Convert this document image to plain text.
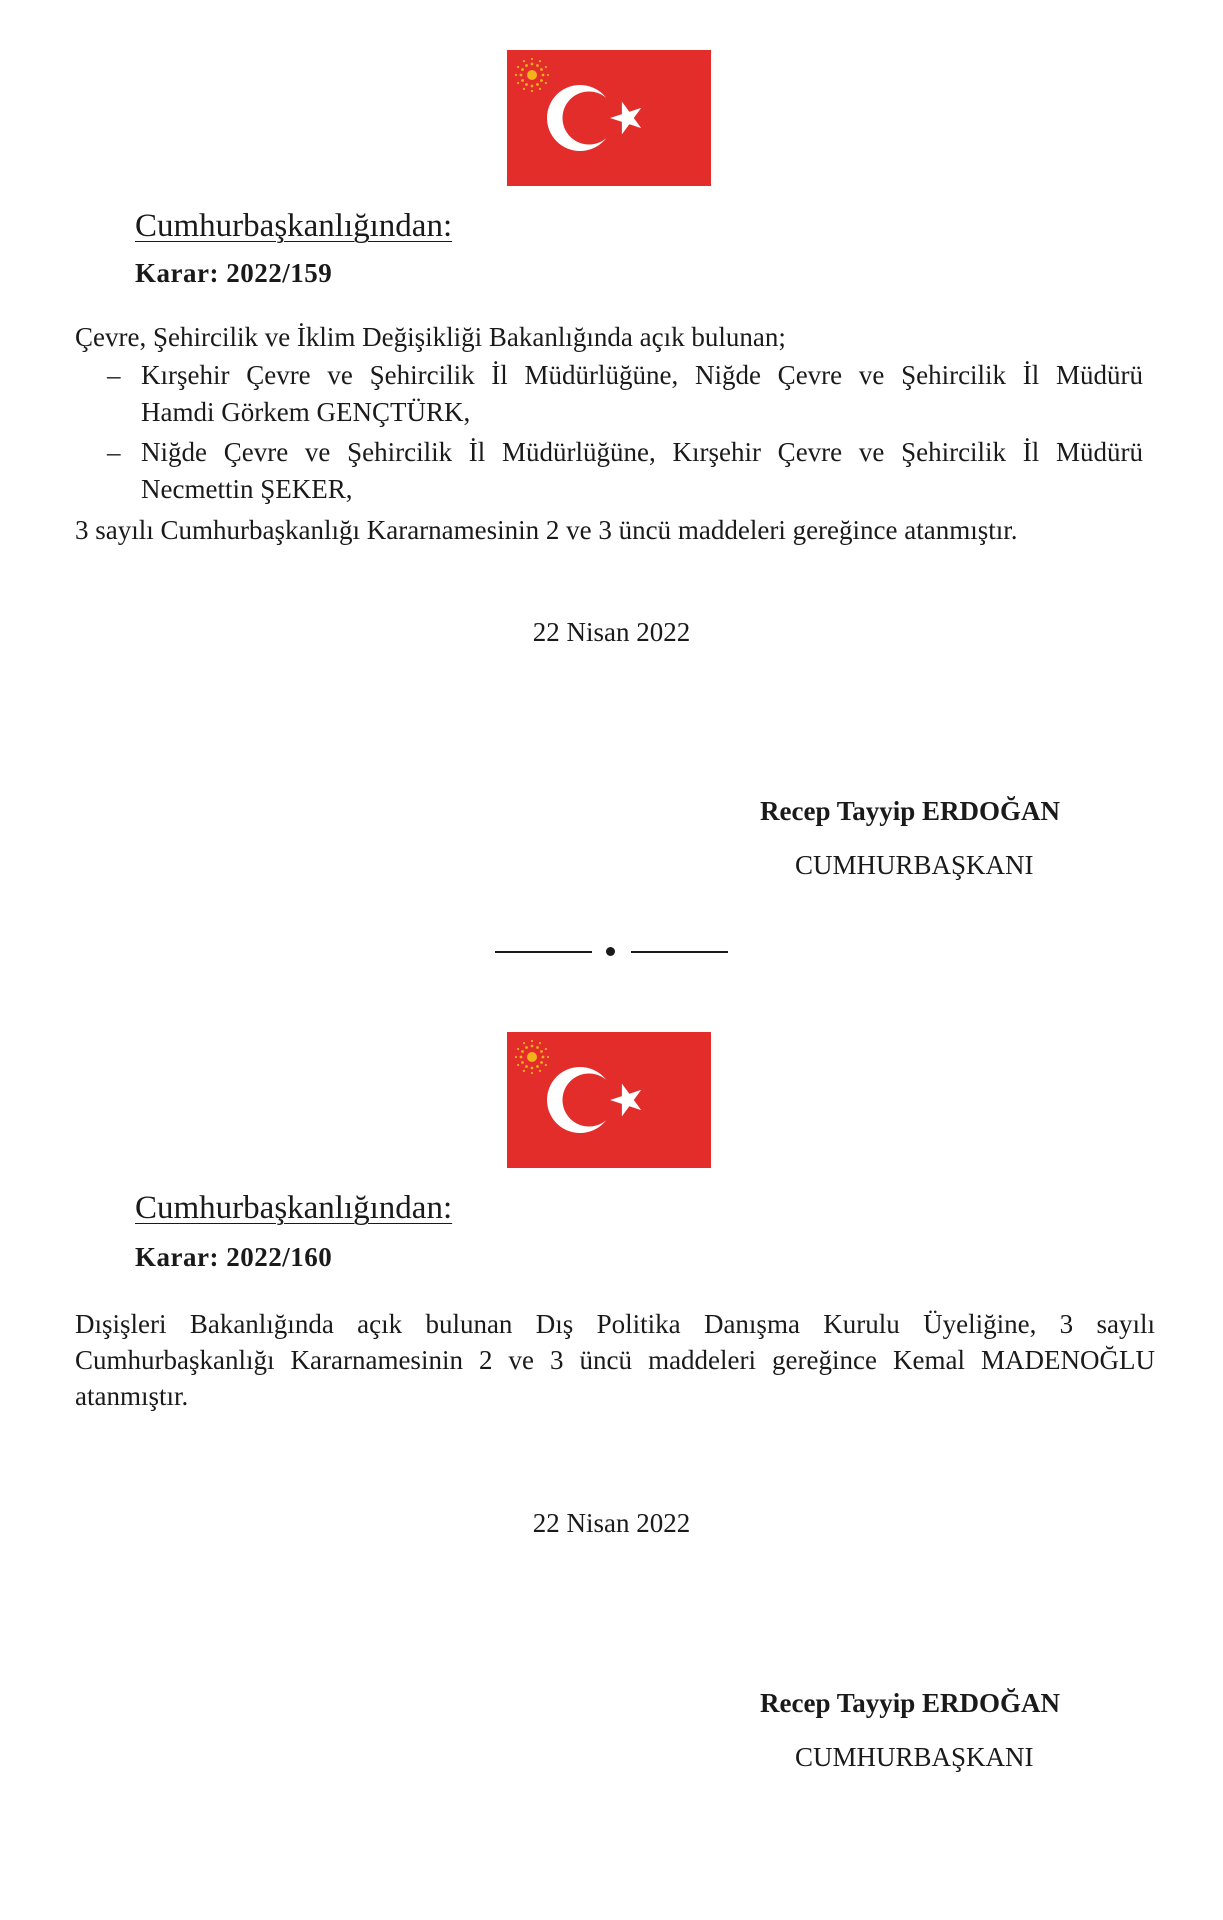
Cumhurbaşkanlığından:
Karar: 2022/159
Çevre, Şehircilik ve İklim Değişikliği Bakanlığında açık bulunan;
– Kırşehir Çevre ve Şehircilik İl Müdürlüğüne, Niğde Çevre ve Şehircilik İl Müdürü
Hamdi Görkem GENÇTÜRK,
– Niğde Çevre ve Şehircilik İl Müdürlüğüne, Kırşehir Çevre ve Şehircilik İl Müdürü
Necmettin ŞEKER,
3 sayılı Cumhurbaşkanlığı Kararnamesinin 2 ve 3 üncü maddeleri gereğince atanmıştır.
22 Nisan 2022
Recep Tayyip ERDOĞAN
CUMHURBAŞKANI
Cumhurbaşkanlığından:
Karar: 2022/160
Dışişleri Bakanlığında açık bulunan Dış Politika Danışma Kurulu Üyeliğine, 3 sayılı Cumhurbaşkanlığı Kararnamesinin 2 ve 3 üncü maddeleri gereğince Kemal MADENOĞLU atanmıştır.
22 Nisan 2022
Recep Tayyip ERDOĞAN
CUMHURBAŞKANI
